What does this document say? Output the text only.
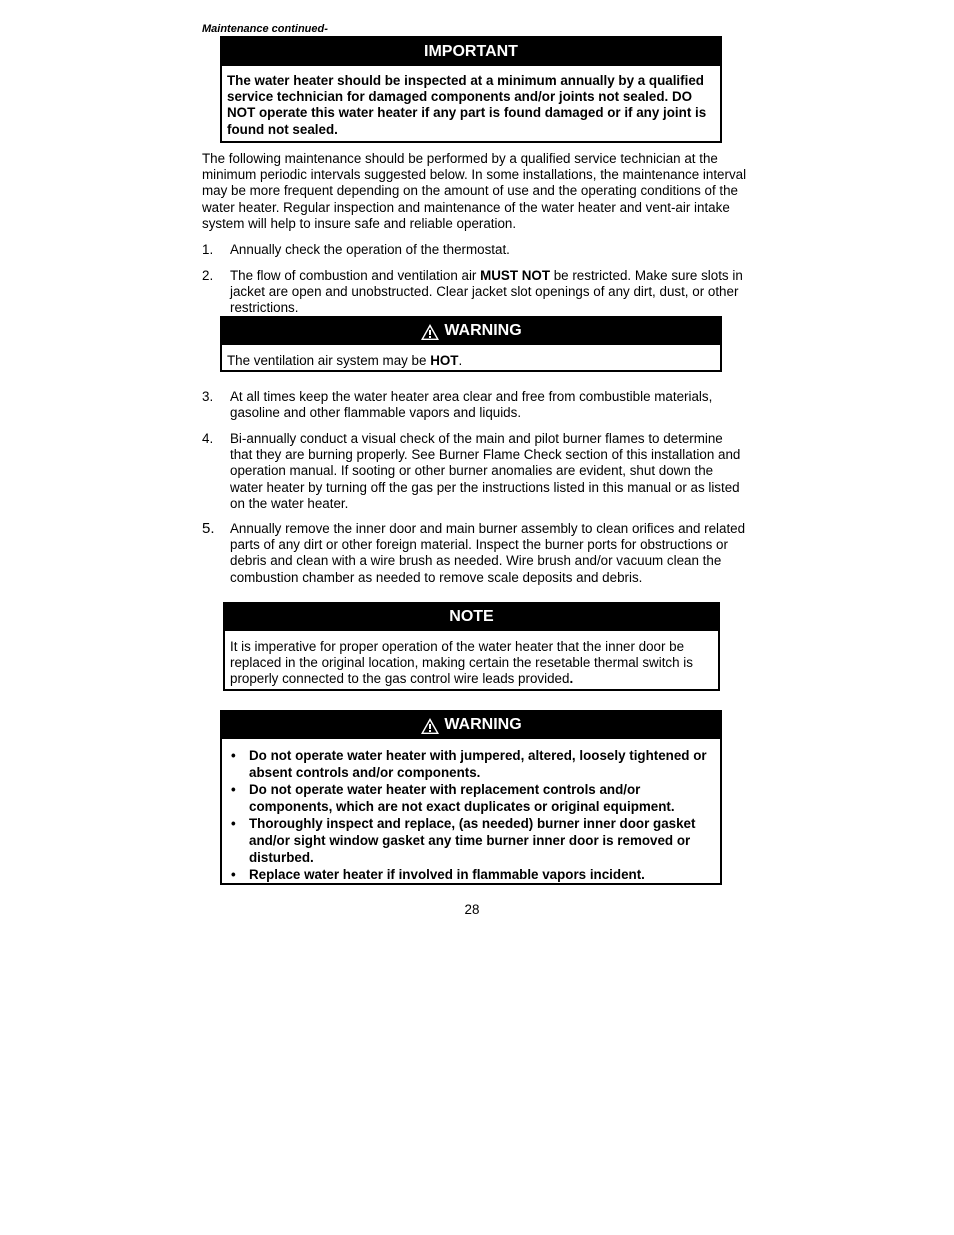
Maintenance continued-
IMPORTANT
The water heater should be inspected at a minimum annually by a qualified service technician for damaged components and/or joints not sealed. DO NOT operate this water heater if any part is found damaged or if any joint is found not sealed.
The following maintenance should be performed by a qualified service technician at the minimum periodic intervals suggested below. In some installations, the maintenance interval may be more frequent depending on the amount of use and the operating conditions of the water heater. Regular inspection and maintenance of the water heater and vent-air intake system will help to insure safe and reliable operation.
1. Annually check the operation of the thermostat.
2. The flow of combustion and ventilation air MUST NOT be restricted. Make sure slots in jacket are open and unobstructed. Clear jacket slot openings of any dirt, dust, or other restrictions.
WARNING
The ventilation air system may be HOT.
3. At all times keep the water heater area clear and free from combustible materials, gasoline and other flammable vapors and liquids.
4. Bi-annually conduct a visual check of the main and pilot burner flames to determine that they are burning properly. See Burner Flame Check section of this installation and operation manual. If sooting or other burner anomalies are evident, shut down the water heater by turning off the gas per the instructions listed in this manual or as listed on the water heater.
5. Annually remove the inner door and main burner assembly to clean orifices and related parts of any dirt or other foreign material. Inspect the burner ports for obstructions or debris and clean with a wire brush as needed. Wire brush and/or vacuum clean the combustion chamber as needed to remove scale deposits and debris.
NOTE
It is imperative for proper operation of the water heater that the inner door be replaced in the original location, making certain the resetable thermal switch is properly connected to the gas control wire leads provided.
WARNING
• Do not operate water heater with jumpered, altered, loosely tightened or absent controls and/or components.
• Do not operate water heater with replacement controls and/or components, which are not exact duplicates or original equipment.
• Thoroughly inspect and replace, (as needed) burner inner door gasket and/or sight window gasket any time burner inner door is removed or disturbed.
• Replace water heater if involved in flammable vapors incident.
28
